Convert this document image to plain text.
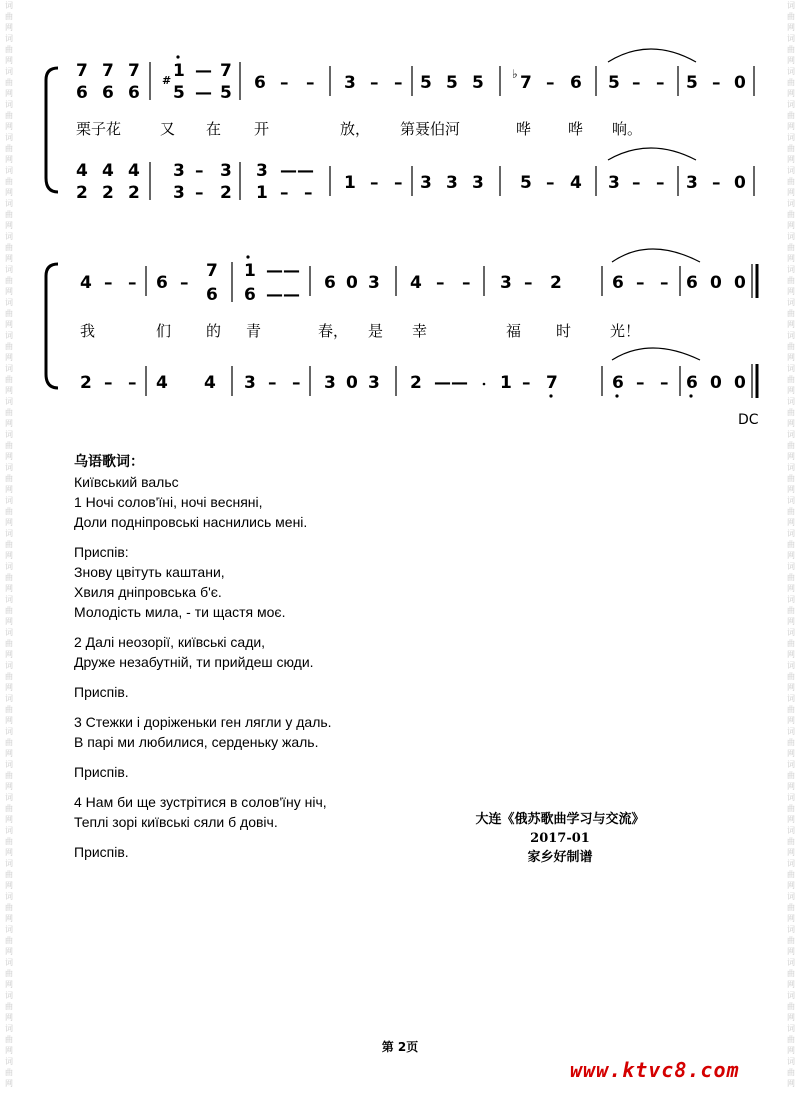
词
曲
网
词
曲
网
词
曲
网
词
曲
网
词
曲
网
词
曲
网
词
曲
网
词
曲
网
词
曲
网
词
曲
网
词
曲
网
词
曲
网
词
曲
网
词
曲
网
词
曲
网
词
曲
网
词
曲
网
词
曲
网
词
曲
网
词
曲
网
词
曲
网
词
曲
网
词
曲
网
词
曲
网
词
曲
网
词
曲
网
词
曲
网
词
曲
网
词
曲
网
词
曲
网
词
曲
网
词
曲
网
词
曲
网
词
曲
网
词
曲
网
词
曲
网
词
曲
网
词
曲
网
词
曲
网
词
曲
网
词
曲
网
词
曲
网
词
曲
网
词
曲
网
词
曲
网
词
曲
网
词
曲
网
词
曲
网
词
曲
网
词
曲
网
词
曲
网
词
曲
网
词
曲
网
词
曲
网
词
曲
网
词
曲
网
词
曲
网
词
曲
网
词
曲
网
词
曲
网
词
曲
网
词
曲
网
词
曲
网
词
曲
网
词
曲
网
词
曲
网
7 7 7
6 6 6
# 1 — 7
5 — 5 6 – – 3 – – 5 5 5 ♭ 7 – 6 5 – – 5 – 0
栗子花	又 在 开	放， 第聂伯河	哗 哗 响。
4 4 4
2 2 2
3 – 3
3 – 2
3 ——
1 – – 1 – – 3 3 3 5 – 4 3 – – 3 – 0
4 – – 6 –
7
6
1 ——
6 ——
6 0 3 4 – – 3 – 2	6 – – 6 0 0
我	们 的 青	春， 是 幸	福 时	光！
2 – – 4 4 3 – – 3 0 3 2 —— 1 – 7	6 – – 6 0 0
DC
乌语歌词：
Київський вальс
1 Ночі солов'їні, ночі весняні,
Доли подніпровські наснились мені.
Приспів:
Знову цвітуть каштани,
Хвиля дніпровська б'є.
Молодість мила, - ти щастя моє.
2 Далі неозорії, київські сади,
Друже незабутній, ти прийдеш сюди.
Приспів.
3 Стежки і доріженьки ген лягли у даль.
В парі ми любилися, серденьку жаль.
Приспів.
4 Нам би ще зустрітися в солов'їну ніч,
Теплі зорі київські сяли б довіч.
Приспів.
大连《俄苏歌曲学习与交流》
2017-01
家乡好制谱
第 2页
www.ktvc8.com
